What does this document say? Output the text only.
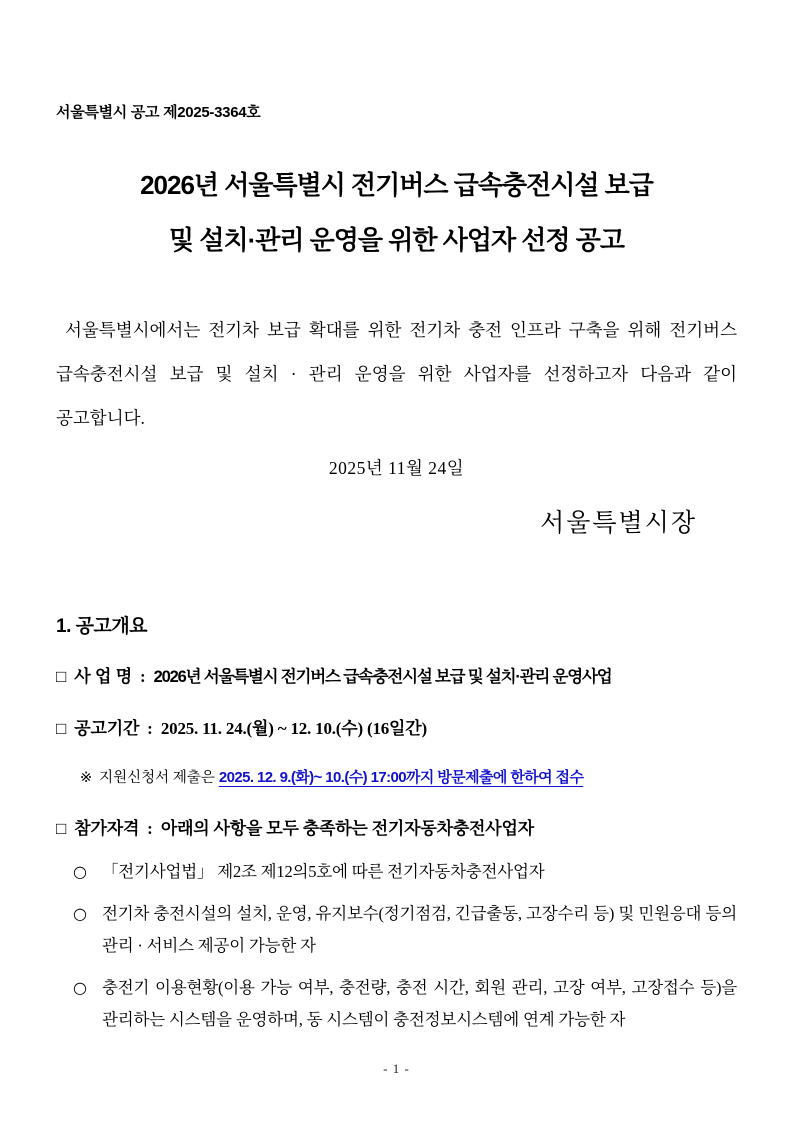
서울특별시 공고 제2025-3364호
2026년 서울특별시 전기버스 급속충전시설 보급
및 설치·관리 운영을 위한 사업자 선정 공고

서울특별시에서는 전기차 보급 확대를 위한 전기차 충전 인프라 구축을 위해 전기버스 급속충전시설 보급 및 설치 · 관리 운영을 위한 사업자를 선정하고자 다음과 같이 공고합니다.

2025년 11월 24일
서울특별시장
1. 공고개요
□ 사 업 명 : 2026년 서울특별시 전기버스 급속충전시설 보급 및 설치·관리 운영사업
□ 공고기간 : 2025. 11. 24.(월) ~ 12. 10.(수) (16일간)
※ 지원신청서 제출은 2025. 12. 9.(화)~ 10.(수) 17:00까지 방문제출에 한하여 접수
□ 참가자격 : 아래의 사항을 모두 충족하는 전기자동차충전사업자
○ 「전기사업법」 제2조 제12의5호에 따른 전기자동차충전사업자
○ 전기차 충전시설의 설치, 운영, 유지보수(정기점검, 긴급출동, 고장수리 등) 및 민원응대 등의 관리 · 서비스 제공이 가능한 자
○ 충전기 이용현황(이용 가능 여부, 충전량, 충전 시간, 회원 관리, 고장 여부, 고장접수 등)을 관리하는 시스템을 운영하며, 동 시스템이 충전정보시스템에 연계 가능한 자
- 1 -
